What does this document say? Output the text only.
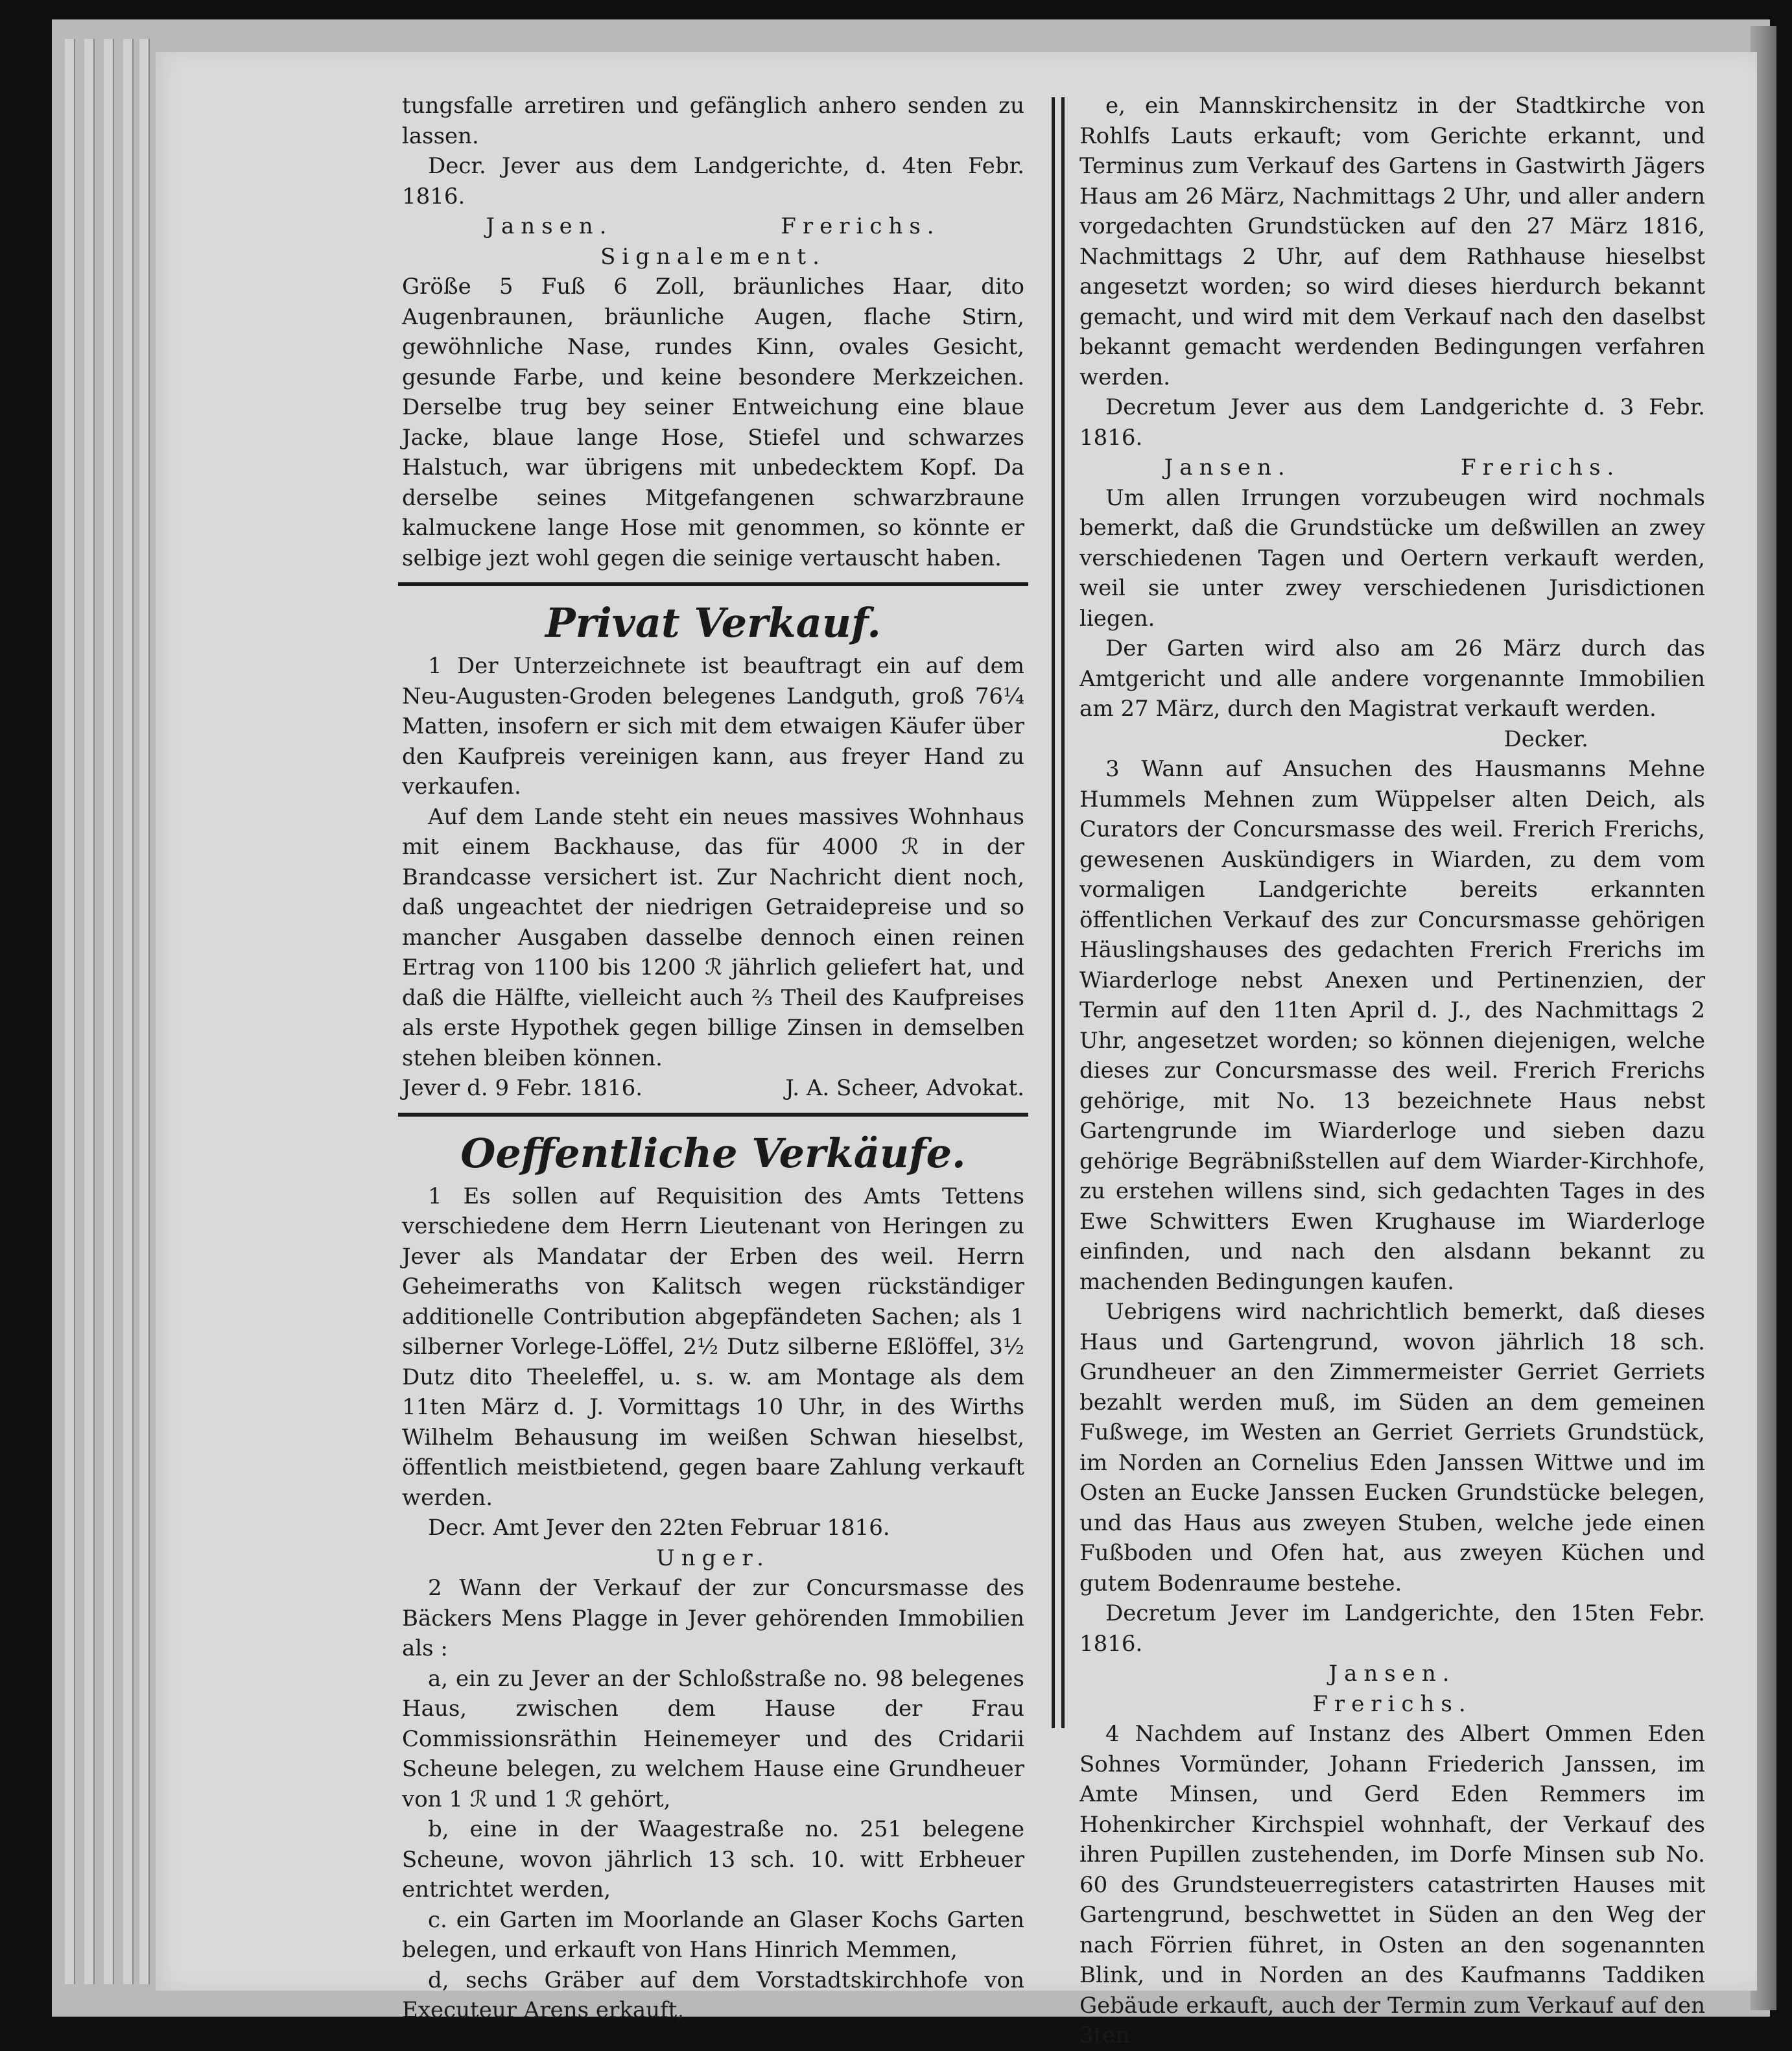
tungsfalle arretiren und gefänglich anhero senden zu lassen.

Decr. Jever aus dem Landgerichte, d. 4ten Febr. 1816.

Jansen.	Frerichs.

Signalement.

Größe 5 Fuß 6 Zoll, bräunliches Haar, dito Augenbraunen, bräunliche Augen, flache Stirn, gewöhnliche Nase, rundes Kinn, ovales Gesicht, gesunde Farbe, und keine besondere Merkzeichen. Derselbe trug bey seiner Entweichung eine blaue Jacke, blaue lange Hose, Stiefel und schwarzes Halstuch, war übrigens mit unbedecktem Kopf. Da derselbe seines Mitgefangenen schwarzbraune kalmuckene lange Hose mit genommen, so könnte er selbige jezt wohl gegen die seinige vertauscht haben.

Privat Verkauf.

1 Der Unterzeichnete ist beauftragt ein auf dem Neu-Augusten-Groden belegenes Landguth, groß 76¼ Matten, insofern er sich mit dem etwaigen Käufer über den Kaufpreis vereinigen kann, aus freyer Hand zu verkaufen.

Auf dem Lande steht ein neues massives Wohnhaus mit einem Backhause, das für 4000 ℛ in der Brandcasse versichert ist. Zur Nachricht dient noch, daß ungeachtet der niedrigen Getraidepreise und so mancher Ausgaben dasselbe dennoch einen reinen Ertrag von 1100 bis 1200 ℛ jährlich geliefert hat, und daß die Hälfte, vielleicht auch ⅔ Theil des Kaufpreises als erste Hypothek gegen billige Zinsen in demselben stehen bleiben können.

Jever d. 9 Febr. 1816.	J. A. Scheer, Advokat.

Oeffentliche Verkäufe.

1 Es sollen auf Requisition des Amts Tettens verschiedene dem Herrn Lieutenant von Heringen zu Jever als Mandatar der Erben des weil. Herrn Geheimeraths von Kalitsch wegen rückständiger additionelle Contribution abgepfändeten Sachen; als 1 silberner Vorlege-Löffel, 2½ Dutz silberne Eßlöffel, 3½ Dutz dito Theeleffel, u. s. w. am Montage als dem 11ten März d. J. Vormittags 10 Uhr, in des Wirths Wilhelm Behausung im weißen Schwan hieselbst, öffentlich meistbietend, gegen baare Zahlung verkauft werden.

Decr. Amt Jever den 22ten Februar 1816.

Unger.

2 Wann der Verkauf der zur Concursmasse des Bäckers Mens Plagge in Jever gehörenden Immobilien als :

a, ein zu Jever an der Schloßstraße no. 98 belegenes Haus, zwischen dem Hause der Frau Commissionsräthin Heinemeyer und des Cridarii Scheune belegen, zu welchem Hause eine Grundheuer von 1 ℛ und 1 ℛ gehört,

b, eine in der Waagestraße no. 251 belegene Scheune, wovon jährlich 13 sch. 10. witt Erbheuer entrichtet werden,

c. ein Garten im Moorlande an Glaser Kochs Garten belegen, und erkauft von Hans Hinrich Memmen,

d, sechs Gräber auf dem Vorstadtskirchhofe von Executeur Arens erkauft,

e, ein Mannskirchensitz in der Stadtkirche von Rohlfs Lauts erkauft; vom Gerichte erkannt, und Terminus zum Verkauf des Gartens in Gastwirth Jägers Haus am 26 März, Nachmittags 2 Uhr, und aller andern vorgedachten Grundstücken auf den 27 März 1816, Nachmittags 2 Uhr, auf dem Rathhause hieselbst angesetzt worden; so wird dieses hierdurch bekannt gemacht, und wird mit dem Verkauf nach den daselbst bekannt gemacht werdenden Bedingungen verfahren werden.

Decretum Jever aus dem Landgerichte d. 3 Febr. 1816.

Jansen.	Frerichs.

Um allen Irrungen vorzubeugen wird nochmals bemerkt, daß die Grundstücke um deßwillen an zwey verschiedenen Tagen und Oertern verkauft werden, weil sie unter zwey verschiedenen Jurisdictionen liegen.

Der Garten wird also am 26 März durch das Amtgericht und alle andere vorgenannte Immobilien am 27 März, durch den Magistrat verkauft werden.

Decker.

3 Wann auf Ansuchen des Hausmanns Mehne Hummels Mehnen zum Wüppelser alten Deich, als Curators der Concursmasse des weil. Frerich Frerichs, gewesenen Auskündigers in Wiarden, zu dem vom vormaligen Landgerichte bereits erkannten öffentlichen Verkauf des zur Concursmasse gehörigen Häuslingshauses des gedachten Frerich Frerichs im Wiarderloge nebst Anexen und Pertinenzien, der Termin auf den 11ten April d. J., des Nachmittags 2 Uhr, angesetzet worden; so können diejenigen, welche dieses zur Concursmasse des weil. Frerich Frerichs gehörige, mit No. 13 bezeichnete Haus nebst Gartengrunde im Wiarderloge und sieben dazu gehörige Begräbnißstellen auf dem Wiarder-Kirchhofe, zu erstehen willens sind, sich gedachten Tages in des Ewe Schwitters Ewen Krughause im Wiarderloge einfinden, und nach den alsdann bekannt zu machenden Bedingungen kaufen.

Uebrigens wird nachrichtlich bemerkt, daß dieses Haus und Gartengrund, wovon jährlich 18 sch. Grundheuer an den Zimmermeister Gerriet Gerriets bezahlt werden muß, im Süden an dem gemeinen Fußwege, im Westen an Gerriet Gerriets Grundstück, im Norden an Cornelius Eden Janssen Wittwe und im Osten an Eucke Janssen Eucken Grundstücke belegen, und das Haus aus zweyen Stuben, welche jede einen Fußboden und Ofen hat, aus zweyen Küchen und gutem Bodenraume bestehe.

Decretum Jever im Landgerichte, den 15ten Febr. 1816.

Jansen.

Frerichs.

4 Nachdem auf Instanz des Albert Ommen Eden Sohnes Vormünder, Johann Friederich Janssen, im Amte Minsen, und Gerd Eden Remmers im Hohenkircher Kirchspiel wohnhaft, der Verkauf des ihren Pupillen zustehenden, im Dorfe Minsen sub No. 60 des Grundsteuerregisters catastrirten Hauses mit Gartengrund, beschwettet in Süden an den Weg der nach Förrien führet, in Osten an den sogenannten Blink, und in Norden an des Kaufmanns Taddiken Gebäude erkauft, auch der Termin zum Verkauf auf den 3ten
